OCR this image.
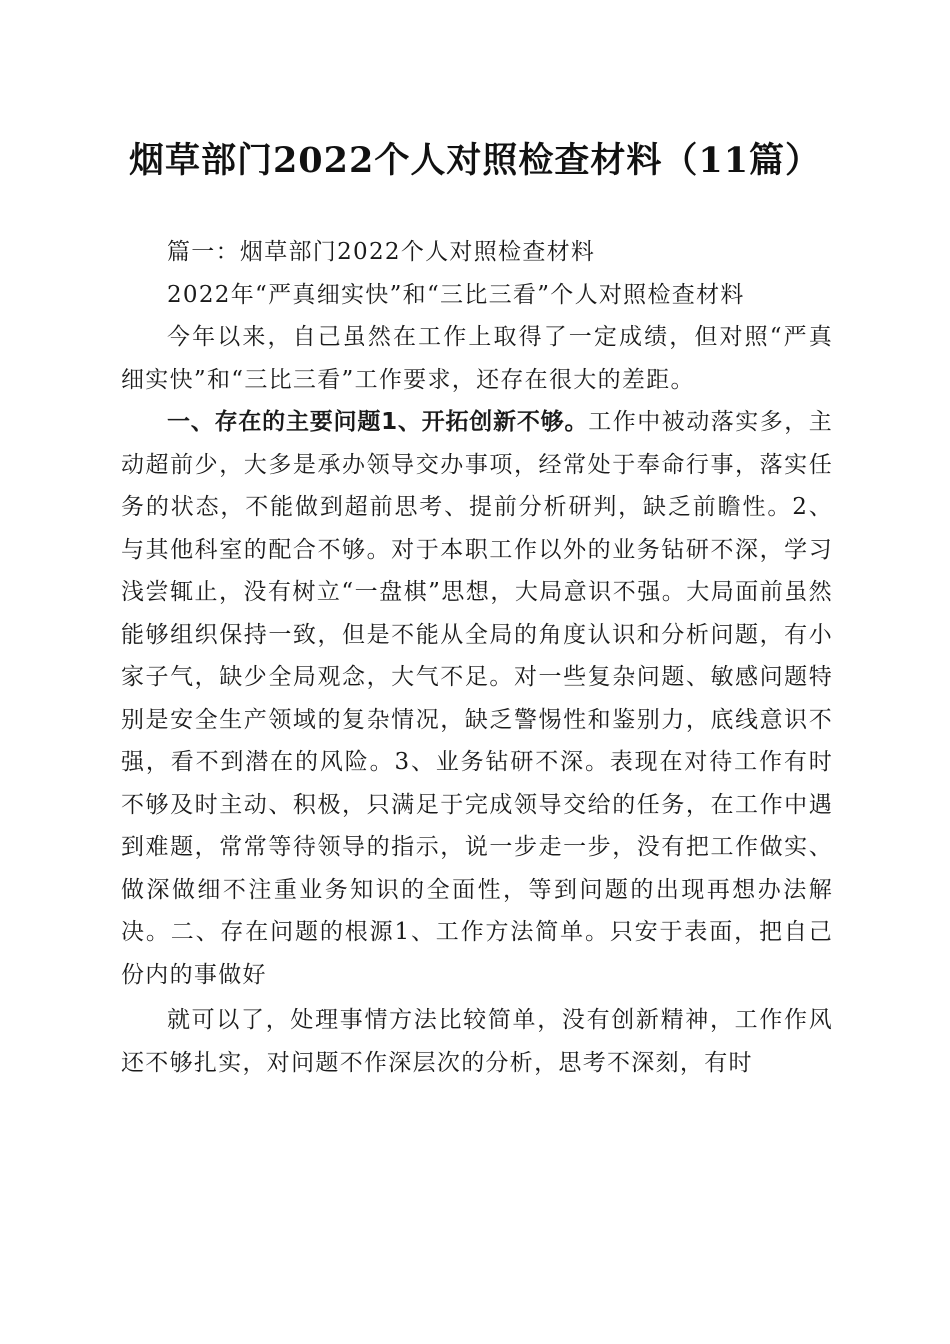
烟草部门2022个人对照检查材料（11篇）

篇一：烟草部门2022个人对照检查材料

2022年“严真细实快”和“三比三看”个人对照检查材料

今年以来，自己虽然在工作上取得了一定成绩，但对照“严真细实快”和“三比三看”工作要求，还存在很大的差距。

一、存在的主要问题1、开拓创新不够。工作中被动落实多，主动超前少，大多是承办领导交办事项，经常处于奉命行事，落实任务的状态，不能做到超前思考、提前分析研判，缺乏前瞻性。2、与其他科室的配合不够。对于本职工作以外的业务钻研不深，学习浅尝辄止，没有树立“一盘棋”思想，大局意识不强。大局面前虽然能够组织保持一致，但是不能从全局的角度认识和分析问题，有小家子气，缺少全局观念，大气不足。对一些复杂问题、敏感问题特别是安全生产领域的复杂情况，缺乏警惕性和鉴别力，底线意识不强，看不到潜在的风险。3、业务钻研不深。表现在对待工作有时不够及时主动、积极，只满足于完成领导交给的任务，在工作中遇到难题，常常等待领导的指示，说一步走一步，没有把工作做实、做深做细不注重业务知识的全面性，等到问题的出现再想办法解决。二、存在问题的根源1、工作方法简单。只安于表面，把自己份内的事做好

就可以了，处理事情方法比较简单，没有创新精神，工作作风还不够扎实，对问题不作深层次的分析，思考不深刻，有时
